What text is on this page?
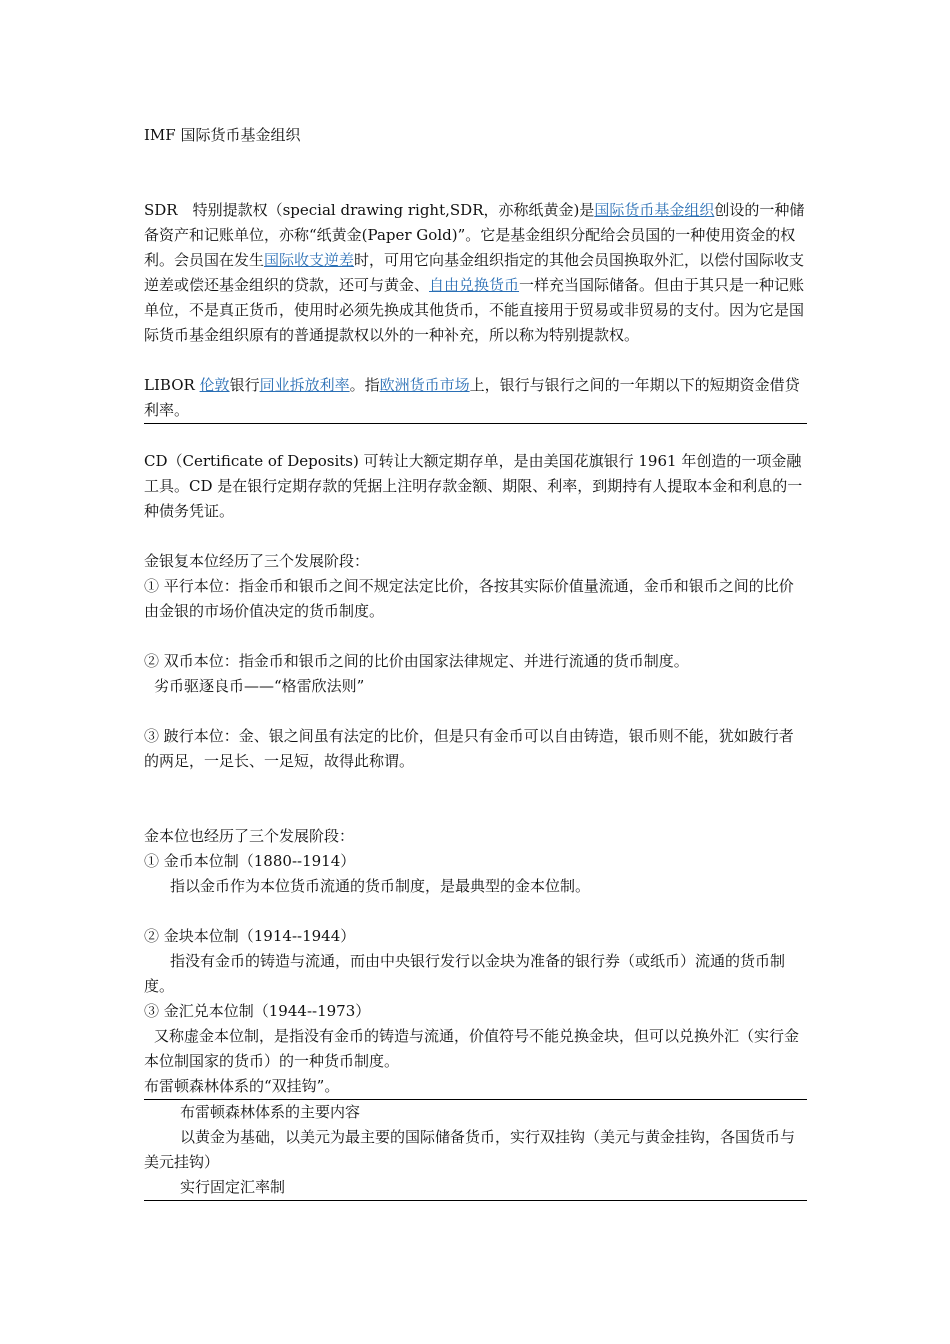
IMF 国际货币基金组织

SDR　特别提款权（special drawing right,SDR，亦称纸黄金)是国际货币基金组织创设的一种储备资产和记账单位，亦称“纸黄金(Paper Gold)”。它是基金组织分配给会员国的一种使用资金的权利。会员国在发生国际收支逆差时，可用它向基金组织指定的其他会员国换取外汇，以偿付国际收支逆差或偿还基金组织的贷款，还可与黄金、自由兑换货币一样充当国际储备。但由于其只是一种记账单位，不是真正货币，使用时必须先换成其他货币，不能直接用于贸易或非贸易的支付。因为它是国际货币基金组织原有的普通提款权以外的一种补充，所以称为特别提款权。

LIBOR 伦敦银行同业拆放利率。指欧洲货币市场上，银行与银行之间的一年期以下的短期资金借贷利率。

CD（Certificate of Deposits) 可转让大额定期存单，是由美国花旗银行 1961 年创造的一项金融工具。CD 是在银行定期存款的凭据上注明存款金额、期限、利率，到期持有人提取本金和利息的一种债务凭证。

金银复本位经历了三个发展阶段：

① 平行本位：指金币和银币之间不规定法定比价，各按其实际价值量流通，金币和银币之间的比价由金银的市场价值决定的货币制度。

② 双币本位：指金币和银币之间的比价由国家法律规定、并进行流通的货币制度。

劣币驱逐良币——“格雷欣法则”

③ 跛行本位：金、银之间虽有法定的比价，但是只有金币可以自由铸造，银币则不能，犹如跛行者的两足，一足长、一足短，故得此称谓。

金本位也经历了三个发展阶段：

① 金币本位制（1880--1914）

指以金币作为本位货币流通的货币制度，是最典型的金本位制。

② 金块本位制（1914--1944）

指没有金币的铸造与流通，而由中央银行发行以金块为准备的银行券（或纸币）流通的货币制度。

③ 金汇兑本位制（1944--1973）

又称虚金本位制，是指没有金币的铸造与流通，价值符号不能兑换金块，但可以兑换外汇（实行金本位制国家的货币）的一种货币制度。

布雷顿森林体系的“双挂钩”。

布雷顿森林体系的主要内容

以黄金为基础，以美元为最主要的国际储备货币，实行双挂钩（美元与黄金挂钩，各国货币与美元挂钩）

实行固定汇率制
